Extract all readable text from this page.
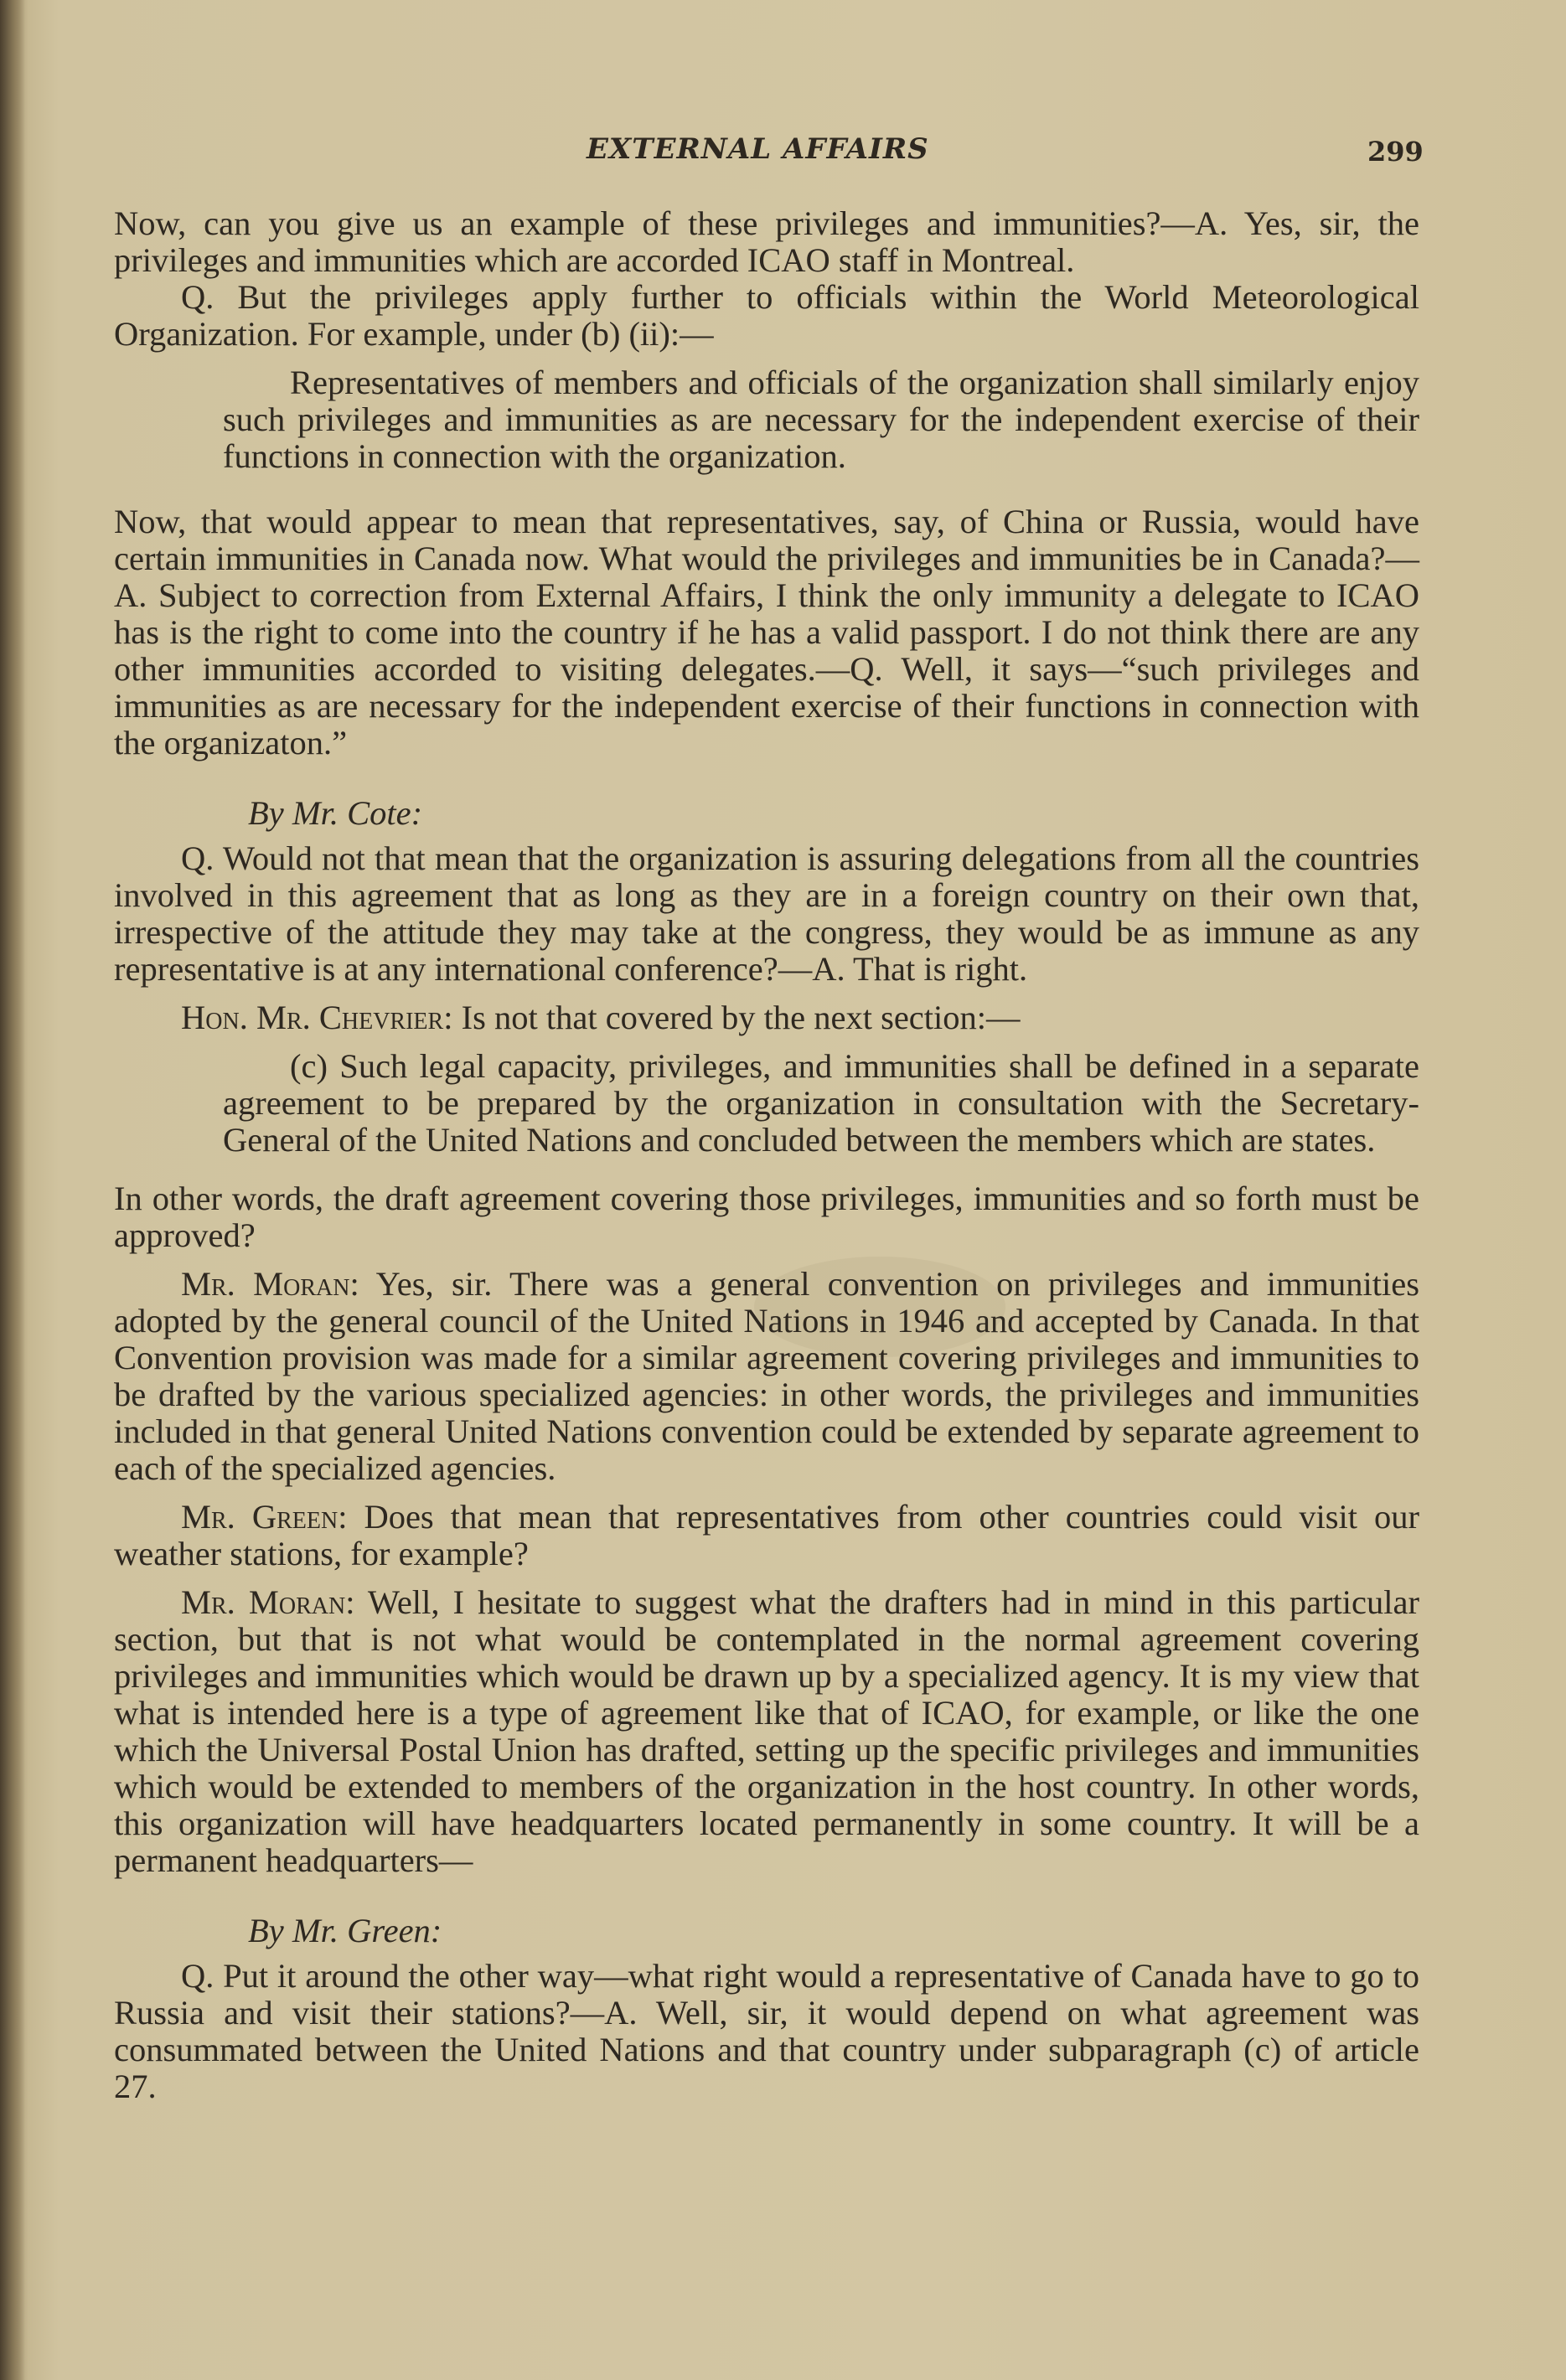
EXTERNAL AFFAIRS	299

Now, can you give us an example of these privileges and immunities?—A. Yes, sir, the privileges and immunities which are accorded ICAO staff in Montreal.

Q. But the privileges apply further to officials within the World Meteorological Organization. For example, under (b) (ii):—

Representatives of members and officials of the organization shall similarly enjoy such privileges and immunities as are necessary for the independent exercise of their functions in connection with the organization.

Now, that would appear to mean that representatives, say, of China or Russia, would have certain immunities in Canada now. What would the privileges and immunities be in Canada?—A. Subject to correction from External Affairs, I think the only immunity a delegate to ICAO has is the right to come into the country if he has a valid passport. I do not think there are any other immunities accorded to visiting delegates.—Q. Well, it says—“such privileges and immunities as are necessary for the independent exercise of their functions in connection with the organizaton.”

By Mr. Cote:

Q. Would not that mean that the organization is assuring delegations from all the countries involved in this agreement that as long as they are in a foreign country on their own that, irrespective of the attitude they may take at the congress, they would be as immune as any representative is at any international conference?—A. That is right.

Hon. Mr. Chevrier: Is not that covered by the next section:—

(c) Such legal capacity, privileges, and immunities shall be defined in a separate agreement to be prepared by the organization in consultation with the Secretary-General of the United Nations and concluded between the members which are states.

In other words, the draft agreement covering those privileges, immunities and so forth must be approved?

Mr. Moran: Yes, sir. There was a general convention on privileges and immunities adopted by the general council of the United Nations in 1946 and accepted by Canada. In that Convention provision was made for a similar agreement covering privileges and immunities to be drafted by the various specialized agencies: in other words, the privileges and immunities included in that general United Nations convention could be extended by separate agreement to each of the specialized agencies.

Mr. Green: Does that mean that representatives from other countries could visit our weather stations, for example?

Mr. Moran: Well, I hesitate to suggest what the drafters had in mind in this particular section, but that is not what would be contemplated in the normal agreement covering privileges and immunities which would be drawn up by a specialized agency. It is my view that what is intended here is a type of agreement like that of ICAO, for example, or like the one which the Universal Postal Union has drafted, setting up the specific privileges and immunities which would be extended to members of the organization in the host country. In other words, this organization will have headquarters located permanently in some country. It will be a permanent headquarters—

By Mr. Green:

Q. Put it around the other way—what right would a representative of Canada have to go to Russia and visit their stations?—A. Well, sir, it would depend on what agreement was consummated between the United Nations and that country under subparagraph (c) of article 27.
